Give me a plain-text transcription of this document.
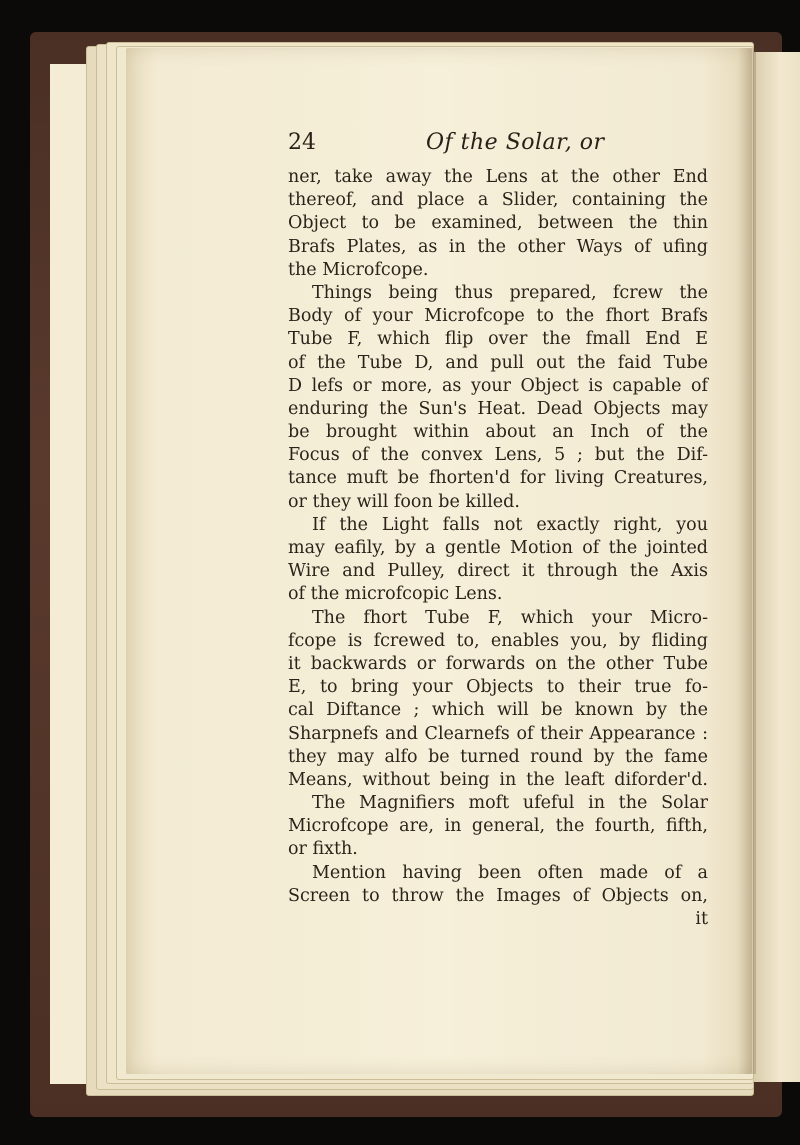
24	Of the Solar, or
ner, take away the Lens at the other End
thereof, and place a Slider, containing the
Object to be examined, between the thin
Brafs Plates, as in the other Ways of ufing
the Microfcope.
Things being thus prepared, fcrew the
Body of your Microfcope to the fhort Brafs
Tube F, which flip over the fmall End E
of the Tube D, and pull out the faid Tube
D lefs or more, as your Object is capable of
enduring the Sun's Heat. Dead Objects may
be brought within about an Inch of the
Focus of the convex Lens, 5 ; but the Dif-
tance muft be fhorten'd for living Creatures,
or they will foon be killed.
If the Light falls not exactly right, you
may eafily, by a gentle Motion of the jointed
Wire and Pulley, direct it through the Axis
of the microfcopic Lens.
The fhort Tube F, which your Micro-
fcope is fcrewed to, enables you, by fliding
it backwards or forwards on the other Tube
E, to bring your Objects to their true fo-
cal Diftance ; which will be known by the
Sharpnefs and Clearnefs of their Appearance :
they may alfo be turned round by the fame
Means, without being in the leaft diforder'd.
The Magnifiers moft ufeful in the Solar
Microfcope are, in general, the fourth, fifth,
or fixth.
Mention having been often made of a
Screen to throw the Images of Objects on,
it
